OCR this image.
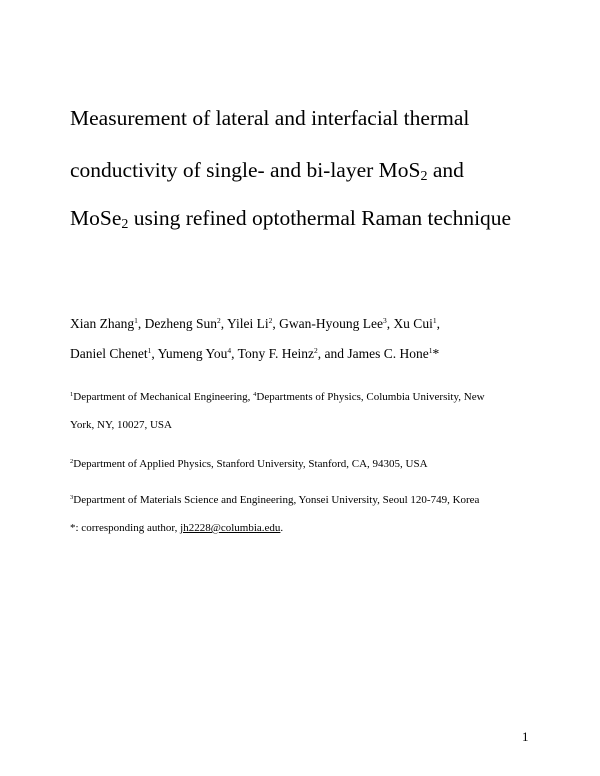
Measurement of lateral and interfacial thermal
conductivity of single- and bi-layer MoS$_2$ and
MoSe$_2$ using refined optothermal Raman technique
Xian Zhang$^1$, Dezheng Sun$^2$, Yilei Li$^2$, Gwan-Hyoung Lee$^3$, Xu Cui$^1$,
Daniel Chenet$^1$, Yumeng You$^4$, Tony F. Heinz$^2$, and James C. Hone$^1$*
$^1$Department of Mechanical Engineering, $^4$Departments of Physics, Columbia University, New
York, NY, 10027, USA
$^2$Department of Applied Physics, Stanford University, Stanford, CA, 94305, USA
$^3$Department of Materials Science and Engineering, Yonsei University, Seoul 120-749, Korea
*: corresponding author, jh2228@columbia.edu.
1
